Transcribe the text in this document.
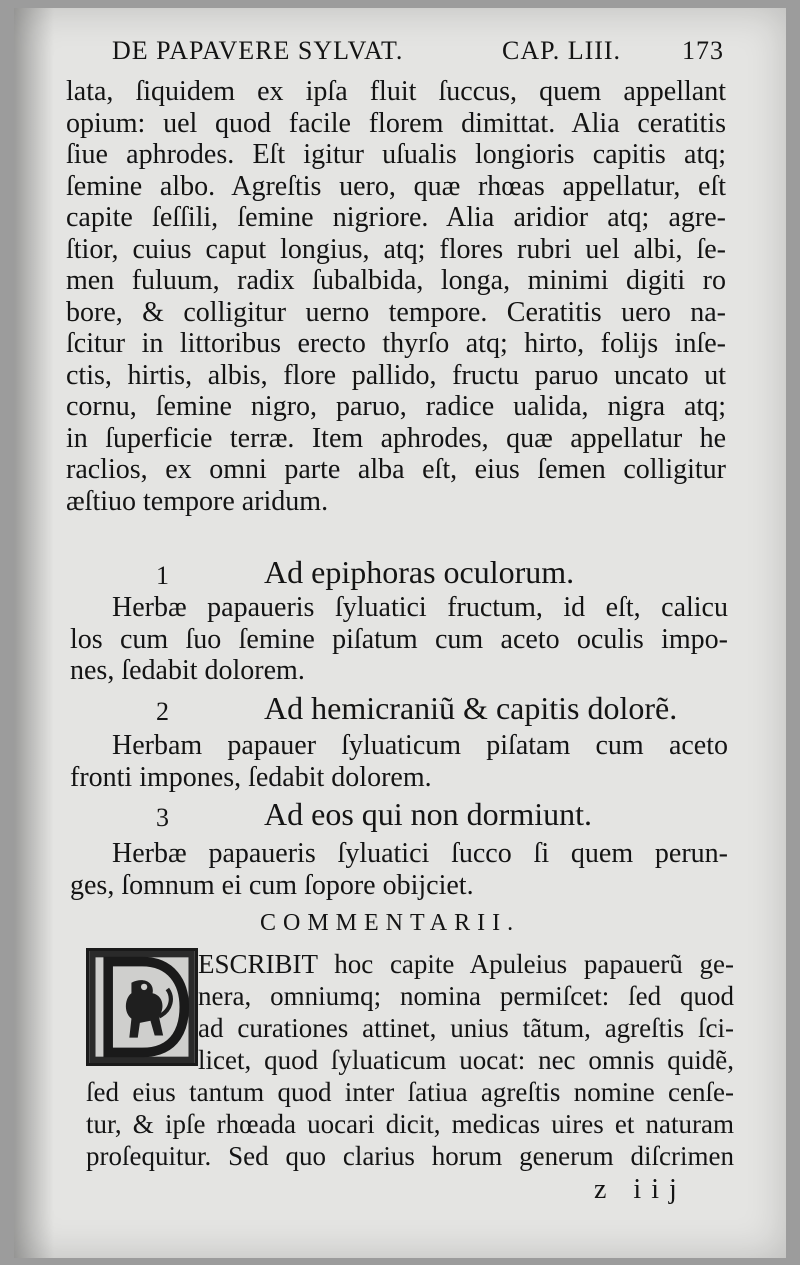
DE PAPAVERE SYLVAT.	CAP. LIII. 173
lata, ſiquidem ex ipſa fluit ſuccus, quem appellant
opium: uel quod facile florem dimittat. Alia ceratitis
ſiue aphrodes. Eſt igitur uſualis longioris capitis atq;
ſemine albo. Agreſtis uero, quæ rhœas appellatur, eſt
capite ſeſſili, ſemine nigriore. Alia aridior atq; agre-
ſtior, cuius caput longius, atq; flores rubri uel albi, ſe-
men fuluum, radix ſubalbida, longa, minimi digiti ro
bore, & colligitur uerno tempore. Ceratitis uero na-
ſcitur in littoribus erecto thyrſo atq; hirto, folijs inſe-
ctis, hirtis, albis, flore pallido, fructu paruo uncato ut
cornu, ſemine nigro, paruo, radice ualida, nigra atq;
in ſuperficie terræ. Item aphrodes, quæ appellatur he
raclios, ex omni parte alba eſt, eius ſemen colligitur
æſtiuo tempore aridum.
1	Ad epiphoras oculorum.
Herbæ papaueris ſyluatici fructum, id eſt, calicu
los cum ſuo ſemine piſatum cum aceto oculis impo-
nes, ſedabit dolorem.
2	Ad hemicraniũ & capitis dolorẽ.
Herbam papauer ſyluaticum piſatam cum aceto
fronti impones, ſedabit dolorem.
3	Ad eos qui non dormiunt.
Herbæ papaueris ſyluatici ſucco ſi quem perun-
ges, ſomnum ei cum ſopore obijciet.
COMMENTARII.
ESCRIBIT hoc capite Apuleius papauerũ ge-
nera, omniumq; nomina permiſcet: ſed quod
ad curationes attinet, unius tãtum, agreſtis ſci-
licet, quod ſyluaticum uocat: nec omnis quidẽ,
ſed eius tantum quod inter ſatiua agreſtis nomine cenſe-
tur, & ipſe rhœada uocari dicit, medicas uires et naturam
proſequitur. Sed quo clarius horum generum diſcrimen
z iij
